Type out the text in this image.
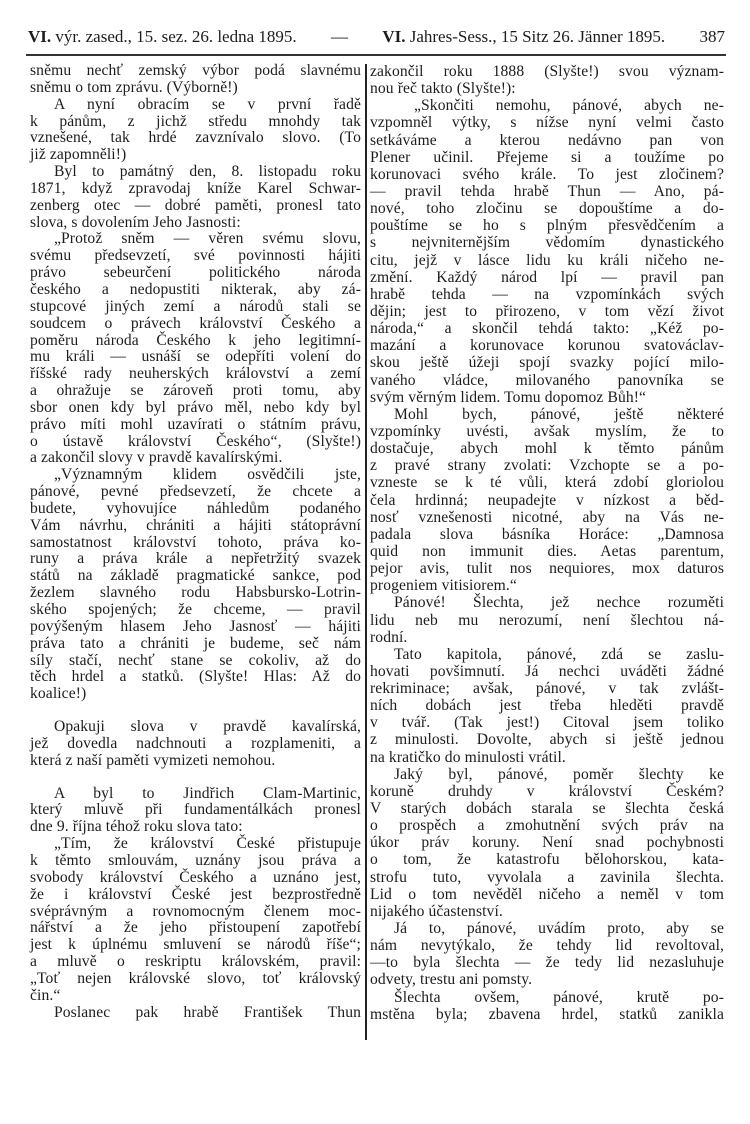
VI. výr. zased., 15. sez. 26. ledna 1895. — VI. Jahres-Sess., 15 Sitz 26. Jänner 1895. 387
sněmu nechť zemský výbor podá slavnému
sněmu o tom zprávu. (Výborně!)
A nyní obracím se v první řadě
k pánům, z jichž středu mnohdy tak
vznešené, tak hrdé zavznívalo slovo. (To
již zapomněli!)
Byl to památný den, 8. listopadu roku
1871, když zpravodaj kníže Karel Schwar-
zenberg otec — dobré paměti, pronesl tato
slova, s dovolením Jeho Jasnosti:
„Protož sněm — věren svému slovu,
svému předsevzetí, své povinnosti hájiti
právo sebeurčení politického národa
českého a nedopustiti nikterak, aby zá-
stupcové jiných zemí a národů stali se
soudcem o právech království Českého a
poměru národa Českého k jeho legitimní-
mu králi — usnáší se odepříti volení do
říšské rady neuherských království a zemí
a ohražuje se zároveň proti tomu, aby
sbor onen kdy byl právo měl, nebo kdy byl
právo míti mohl uzavírati o státním právu,
o ústavě království Českého“, (Slyšte!)
a zakončil slovy v pravdě kavalírskými.
„Významným klidem osvědčili jste,
pánové, pevné předsevzetí, že chcete a
budete, vyhovujíce náhledům podaného
Vám návrhu, chrániti a hájiti státoprávní
samostatnost království tohoto, práva ko-
runy a práva krále a nepřetržitý svazek
států na základě pragmatické sankce, pod
žezlem slavného rodu Habsbursko-Lotrin-
ského spojených; že chceme, — pravil
povýšeným hlasem Jeho Jasnosť — hájiti
práva tato a chrániti je budeme, seč nám
síly stačí, nechť stane se cokoliv, až do
těch hrdel a statků. (Slyšte! Hlas: Až do
koalice!)
Opakuji slova v pravdě kavalírská,
jež dovedla nadchnouti a rozplameniti, a
která z naší paměti vymizeti nemohou.
A byl to Jindřich Clam-Martinic,
který mluvě při fundamentálkách pronesl
dne 9. října téhož roku slova tato:
„Tím, že království České přistupuje
k těmto smlouvám, uznány jsou práva a
svobody království Českého a uznáno jest,
že i království České jest bezprostředně
svéprávným a rovnomocným členem moc-
nářství a že jeho přistoupení zapotřebí
jest k úplnému smluvení se národů říše“;
a mluvě o reskriptu královském, pravil:
„Toť nejen královské slovo, toť královský
čin.“
Poslanec pak hrabě František Thun
zakončil roku 1888 (Slyšte!) svou význam-
nou řeč takto (Slyšte!):
„Skončiti nemohu, pánové, abych ne-
vzpomněl výtky, s nížse nyní velmi často
setkáváme a kterou nedávno pan von
Plener učinil. Přejeme si a toužíme po
korunovaci svého krále. To jest zločinem?
— pravil tehda hrabě Thun — Ano, pá-
nové, toho zločinu se dopouštíme a do-
pouštíme se ho s plným přesvědčením a
s nejvniternějším vědomím dynastického
citu, jejž v lásce lidu ku králi ničeho ne-
změní. Každý národ lpí — pravil pan
hrabě tehda — na vzpomínkách svých
dějin; jest to přirozeno, v tom vězí život
národa,“ a skončil tehdá takto: „Kéž po-
mazání a korunovace korunou svatováclav-
skou ještě úžeji spojí svazky pojící milo-
vaného vládce, milovaného panovníka se
svým věrným lidem. Tomu dopomoz Bůh!“
Mohl bych, pánové, ještě některé
vzpomínky uvésti, avšak myslím, že to
dostačuje, abych mohl k těmto pánům
z pravé strany zvolati: Vzchopte se a po-
vzneste se k té vůli, která zdobí gloriolou
čela hrdinná; neupadejte v nízkost a běd-
nosť vznešenosti nicotné, aby na Vás ne-
padala slova básníka Horáce: „Damnosa
quid non immunit dies. Aetas parentum,
pejor avis, tulit nos nequiores, mox daturos
progeniem vitisiorem.“
Pánové! Šlechta, jež nechce rozuměti
lidu neb mu nerozumí, není šlechtou ná-
rodní.
Tato kapitola, pánové, zdá se zaslu-
hovati povšimnutí. Já nechci uváděti žádné
rekriminace; avšak, pánové, v tak zvlášt-
ních dobách jest třeba hleděti pravdě
v tvář. (Tak jest!) Citoval jsem toliko
z minulosti. Dovolte, abych si ještě jednou
na kratičko do minulosti vrátil.
Jaký byl, pánové, poměr šlechty ke
koruně druhdy v království Českém?
V starých dobách starala se šlechta česká
o prospěch a zmohutnění svých práv na
úkor práv koruny. Není snad pochybnosti
o tom, že katastrofu bělohorskou, kata-
strofu tuto, vyvolala a zavinila šlechta.
Lid o tom nevěděl ničeho a neměl v tom
nijakého účastenství.
Já to, pánové, uvádím proto, aby se
nám nevytýkalo, že tehdy lid revoltoval,
—to byla šlechta — že tedy lid nezasluhuje
odvety, trestu ani pomsty.
Šlechta ovšem, pánové, krutě po-
mstěna byla; zbavena hrdel, statků zanikla
